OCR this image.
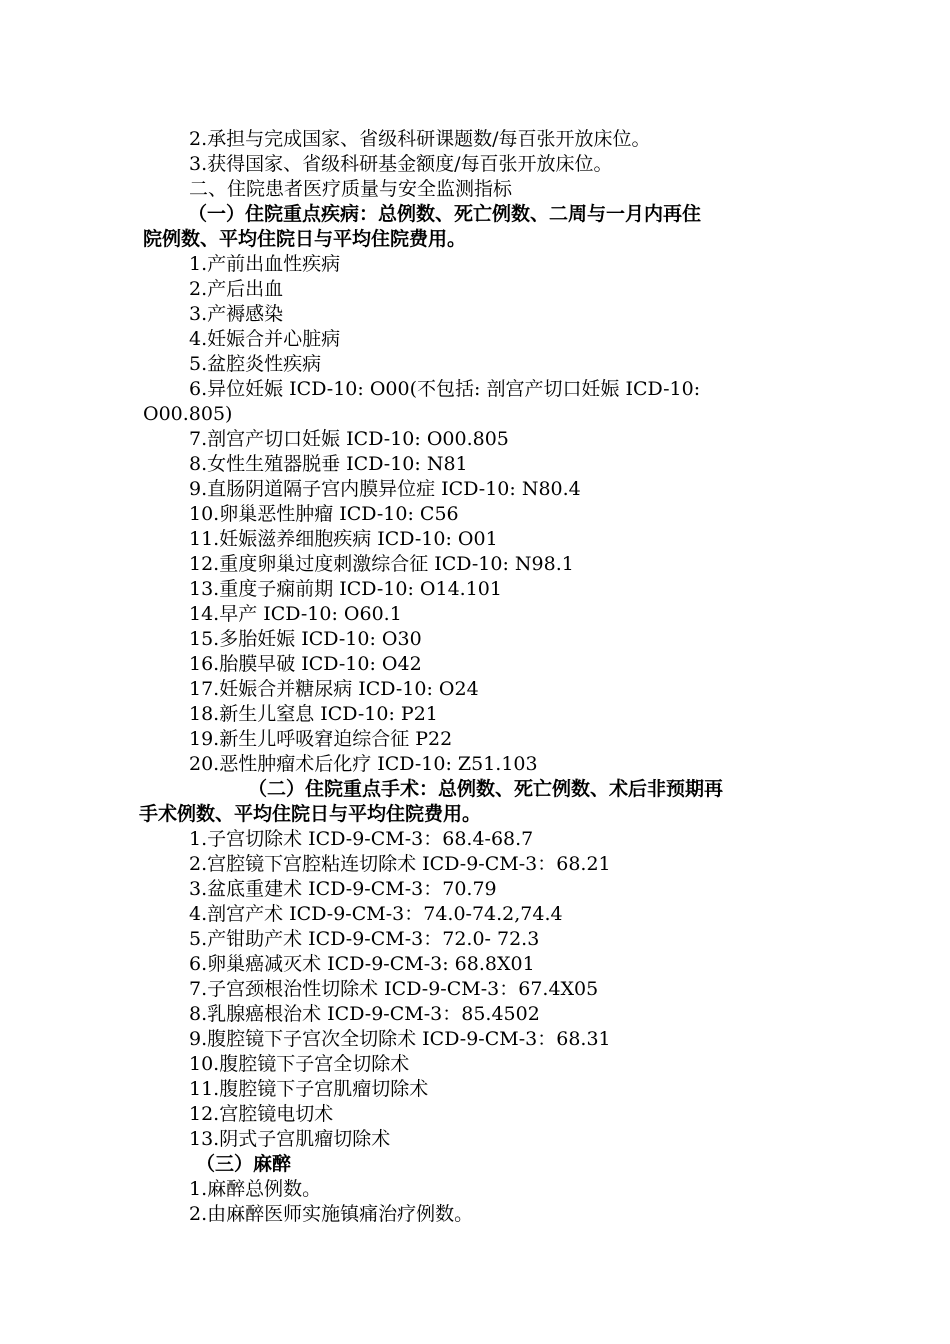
2.承担与完成国家、省级科研课题数/每百张开放床位。
3.获得国家、省级科研基金额度/每百张开放床位。
二、住院患者医疗质量与安全监测指标
（一）住院重点疾病：总例数、死亡例数、二周与一月内再住
院例数、平均住院日与平均住院费用。
1.产前出血性疾病
2.产后出血
3.产褥感染
4.妊娠合并心脏病
5.盆腔炎性疾病
6.异位妊娠 ICD-10: O00(不包括: 剖宫产切口妊娠 ICD-10:
O00.805)
7.剖宫产切口妊娠 ICD-10: O00.805
8.女性生殖器脱垂 ICD-10: N81
9.直肠阴道隔子宫内膜异位症 ICD-10: N80.4
10.卵巢恶性肿瘤 ICD-10: C56
11.妊娠滋养细胞疾病 ICD-10: O01
12.重度卵巢过度刺激综合征 ICD-10: N98.1
13.重度子痫前期 ICD-10: O14.101
14.早产 ICD-10: O60.1
15.多胎妊娠 ICD-10: O30
16.胎膜早破 ICD-10: O42
17.妊娠合并糖尿病 ICD-10: O24
18.新生儿窒息 ICD-10: P21
19.新生儿呼吸窘迫综合征 P22
20.恶性肿瘤术后化疗 ICD-10: Z51.103
（二）住院重点手术：总例数、死亡例数、术后非预期再
手术例数、平均住院日与平均住院费用。
1.子宫切除术 ICD-9-CM-3：68.4-68.7
2.宫腔镜下宫腔粘连切除术 ICD-9-CM-3：68.21
3.盆底重建术 ICD-9-CM-3：70.79
4.剖宫产术 ICD-9-CM-3：74.0-74.2,74.4
5.产钳助产术 ICD-9-CM-3：72.0- 72.3
6.卵巢癌减灭术 ICD-9-CM-3: 68.8X01
7.子宫颈根治性切除术 ICD-9-CM-3：67.4X05
8.乳腺癌根治术 ICD-9-CM-3：85.4502
9.腹腔镜下子宫次全切除术 ICD-9-CM-3：68.31
10.腹腔镜下子宫全切除术
11.腹腔镜下子宫肌瘤切除术
12.宫腔镜电切术
13.阴式子宫肌瘤切除术
（三）麻醉
1.麻醉总例数。
2.由麻醉医师实施镇痛治疗例数。
